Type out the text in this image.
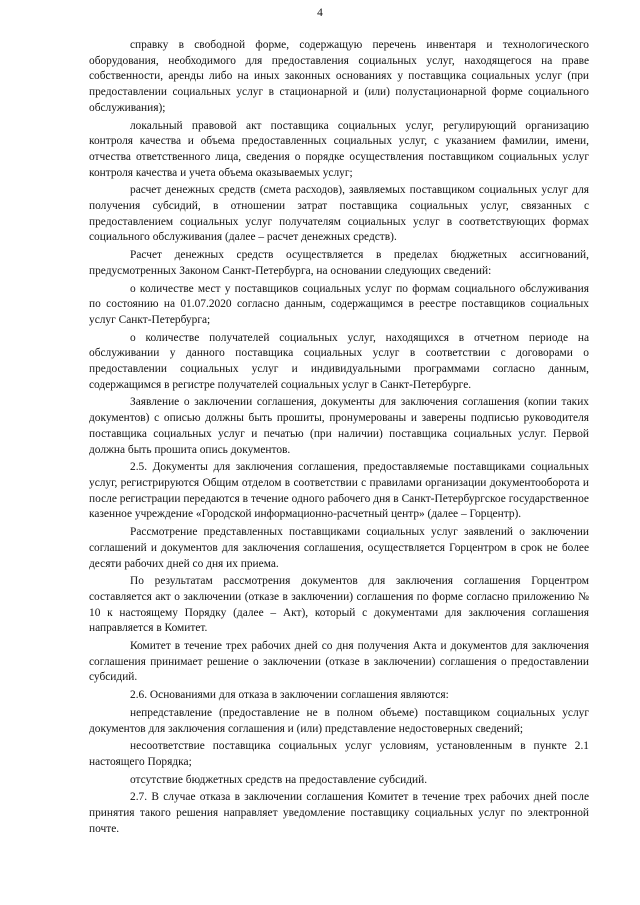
4

справку в свободной форме, содержащую перечень инвентаря и технологического оборудования, необходимого для предоставления социальных услуг, находящегося на праве собственности, аренды либо на иных законных основаниях у поставщика социальных услуг (при предоставлении социальных услуг в стационарной и (или) полустационарной форме социального обслуживания);

локальный правовой акт поставщика социальных услуг, регулирующий организацию контроля качества и объема предоставленных социальных услуг, с указанием фамилии, имени, отчества ответственного лица, сведения о порядке осуществления поставщиком социальных услуг контроля качества и учета объема оказываемых услуг;

расчет денежных средств (смета расходов), заявляемых поставщиком социальных услуг для получения субсидий, в отношении затрат поставщика социальных услуг, связанных с предоставлением социальных услуг получателям социальных услуг в соответствующих формах социального обслуживания (далее – расчет денежных средств).

Расчет денежных средств осуществляется в пределах бюджетных ассигнований, предусмотренных Законом Санкт-Петербурга, на основании следующих сведений:

о количестве мест у поставщиков социальных услуг по формам социального обслуживания по состоянию на 01.07.2020 согласно данным, содержащимся в реестре поставщиков социальных услуг Санкт-Петербурга;

о количестве получателей социальных услуг, находящихся в отчетном периоде на обслуживании у данного поставщика социальных услуг в соответствии с договорами о предоставлении социальных услуг и индивидуальными программами согласно данным, содержащимся в регистре получателей социальных услуг в Санкт-Петербурге.

Заявление о заключении соглашения, документы для заключения соглашения (копии таких документов) с описью должны быть прошиты, пронумерованы и заверены подписью руководителя поставщика социальных услуг и печатью (при наличии) поставщика социальных услуг. Первой должна быть прошита опись документов.

2.5. Документы для заключения соглашения, предоставляемые поставщиками социальных услуг, регистрируются Общим отделом в соответствии с правилами организации документооборота и после регистрации передаются в течение одного рабочего дня в Санкт-Петербургское государственное казенное учреждение «Городской информационно-расчетный центр» (далее – Горцентр).

Рассмотрение представленных поставщиками социальных услуг заявлений о заключении соглашений и документов для заключения соглашения, осуществляется Горцентром в срок не более десяти рабочих дней со дня их приема.

По результатам рассмотрения документов для заключения соглашения Горцентром составляется акт о заключении (отказе в заключении) соглашения по форме согласно приложению № 10 к настоящему Порядку (далее – Акт), который с документами для заключения соглашения направляется в Комитет.

Комитет в течение трех рабочих дней со дня получения Акта и документов для заключения соглашения принимает решение о заключении (отказе в заключении) соглашения о предоставлении субсидий.

2.6. Основаниями для отказа в заключении соглашения являются:

непредставление (предоставление не в полном объеме) поставщиком социальных услуг документов для заключения соглашения и (или) представление недостоверных сведений;

несоответствие поставщика социальных услуг условиям, установленным в пункте 2.1 настоящего Порядка;

отсутствие бюджетных средств на предоставление субсидий.

2.7. В случае отказа в заключении соглашения Комитет в течение трех рабочих дней после принятия такого решения направляет уведомление поставщику социальных услуг по электронной почте.
